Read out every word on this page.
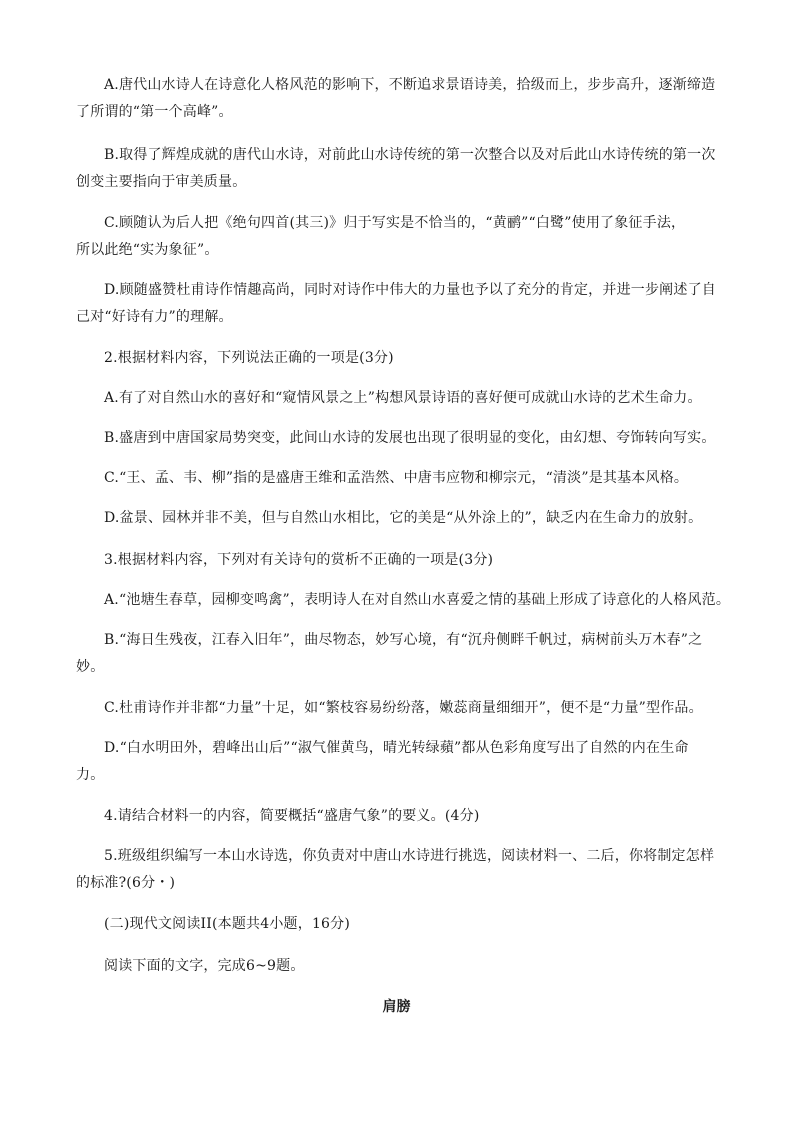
A.唐代山水诗人在诗意化人格风范的影响下，不断追求景语诗美，拾级而上，步步高升，逐渐缔造
了所谓的“第一个高峰”。
B.取得了辉煌成就的唐代山水诗，对前此山水诗传统的第一次整合以及对后此山水诗传统的第一次
创变主要指向于审美质量。
C.顾随认为后人把《绝句四首(其三)》归于写实是不恰当的，“黄鹂”“白鹭”使用了象征手法，
所以此绝“实为象征”。
D.顾随盛赞杜甫诗作情趣高尚，同时对诗作中伟大的力量也予以了充分的肯定，并进一步阐述了自
己对“好诗有力”的理解。
2.根据材料内容，下列说法正确的一项是(3分)
A.有了对自然山水的喜好和“窥情风景之上”构想风景诗语的喜好便可成就山水诗的艺术生命力。
B.盛唐到中唐国家局势突变，此间山水诗的发展也出现了很明显的变化，由幻想、夸饰转向写实。
C.“王、孟、韦、柳”指的是盛唐王维和孟浩然、中唐韦应物和柳宗元，“清淡”是其基本风格。
D.盆景、园林并非不美，但与自然山水相比，它的美是“从外涂上的”，缺乏内在生命力的放射。
3.根据材料内容，下列对有关诗句的赏析不正确的一项是(3分)
A.“池塘生春草，园柳变鸣禽”，表明诗人在对自然山水喜爱之情的基础上形成了诗意化的人格风范。
B.“海日生残夜，江春入旧年”，曲尽物态，妙写心境，有“沉舟侧畔千帆过，病树前头万木春”之
妙。
C.杜甫诗作并非都“力量”十足，如“繁枝容易纷纷落，嫩蕊商量细细开”，便不是“力量”型作品。
D.“白水明田外，碧峰出山后”“淑气催黄鸟，晴光转绿蘋”都从色彩角度写出了自然的内在生命
力。
4.请结合材料一的内容，简要概括“盛唐气象”的要义。(4分)
5.班级组织编写一本山水诗选，你负责对中唐山水诗进行挑选，阅读材料一、二后，你将制定怎样
的标准?(6分・)
(二)现代文阅读II(本题共4小题，16分)
阅读下面的文字，完成6~9题。
肩膀
